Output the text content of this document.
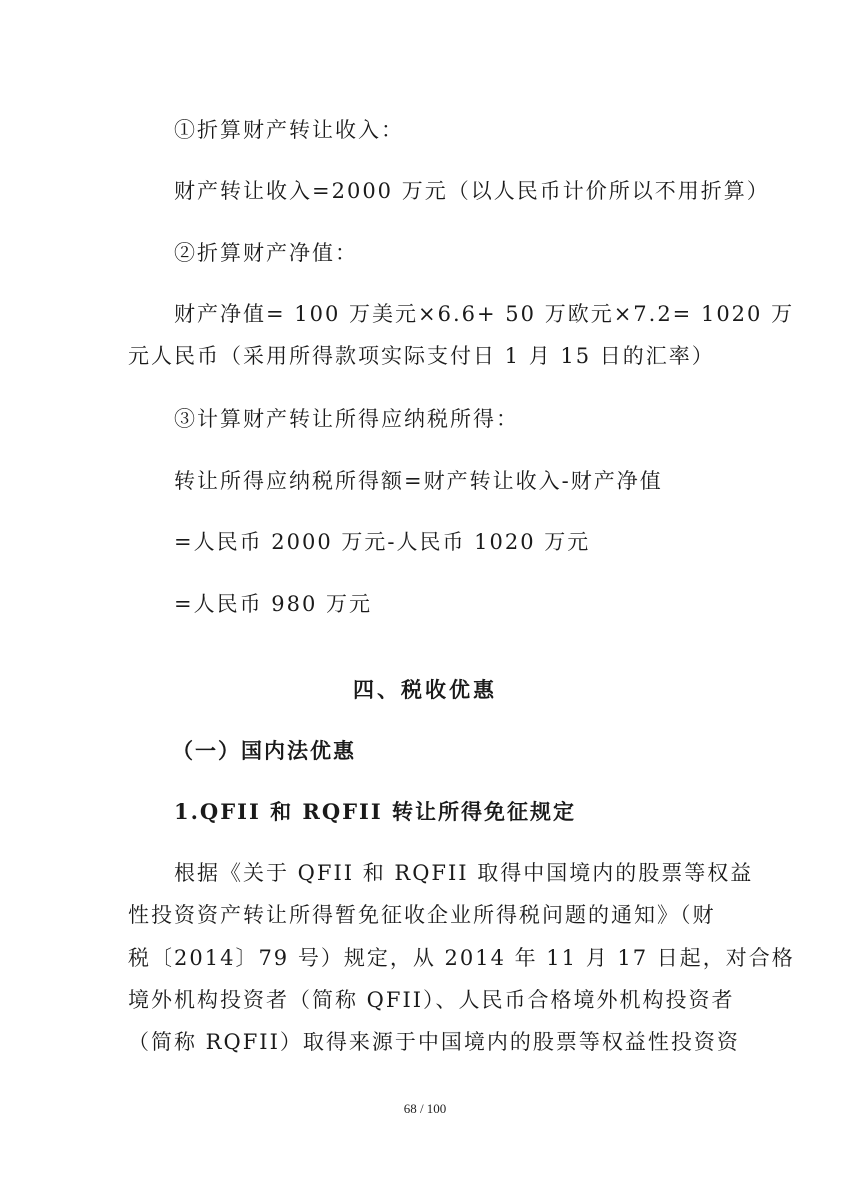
①折算财产转让收入：
财产转让收入=2000 万元（以人民币计价所以不用折算）
②折算财产净值：
财产净值= 100 万美元×6.6+ 50 万欧元×7.2= 1020 万
元人民币（采用所得款项实际支付日 1 月 15 日的汇率）
③计算财产转让所得应纳税所得：
转让所得应纳税所得额=财产转让收入-财产净值
=人民币 2000 万元-人民币 1020 万元
=人民币 980 万元
四、税收优惠
（一）国内法优惠
1.QFII 和 RQFII 转让所得免征规定
根据《关于 QFII 和 RQFII 取得中国境内的股票等权益
性投资资产转让所得暂免征收企业所得税问题的通知》（财
税〔2014〕79 号）规定，从 2014 年 11 月 17 日起，对合格
境外机构投资者（简称 QFII）、人民币合格境外机构投资者
（简称 RQFII）取得来源于中国境内的股票等权益性投资资
68 / 100
